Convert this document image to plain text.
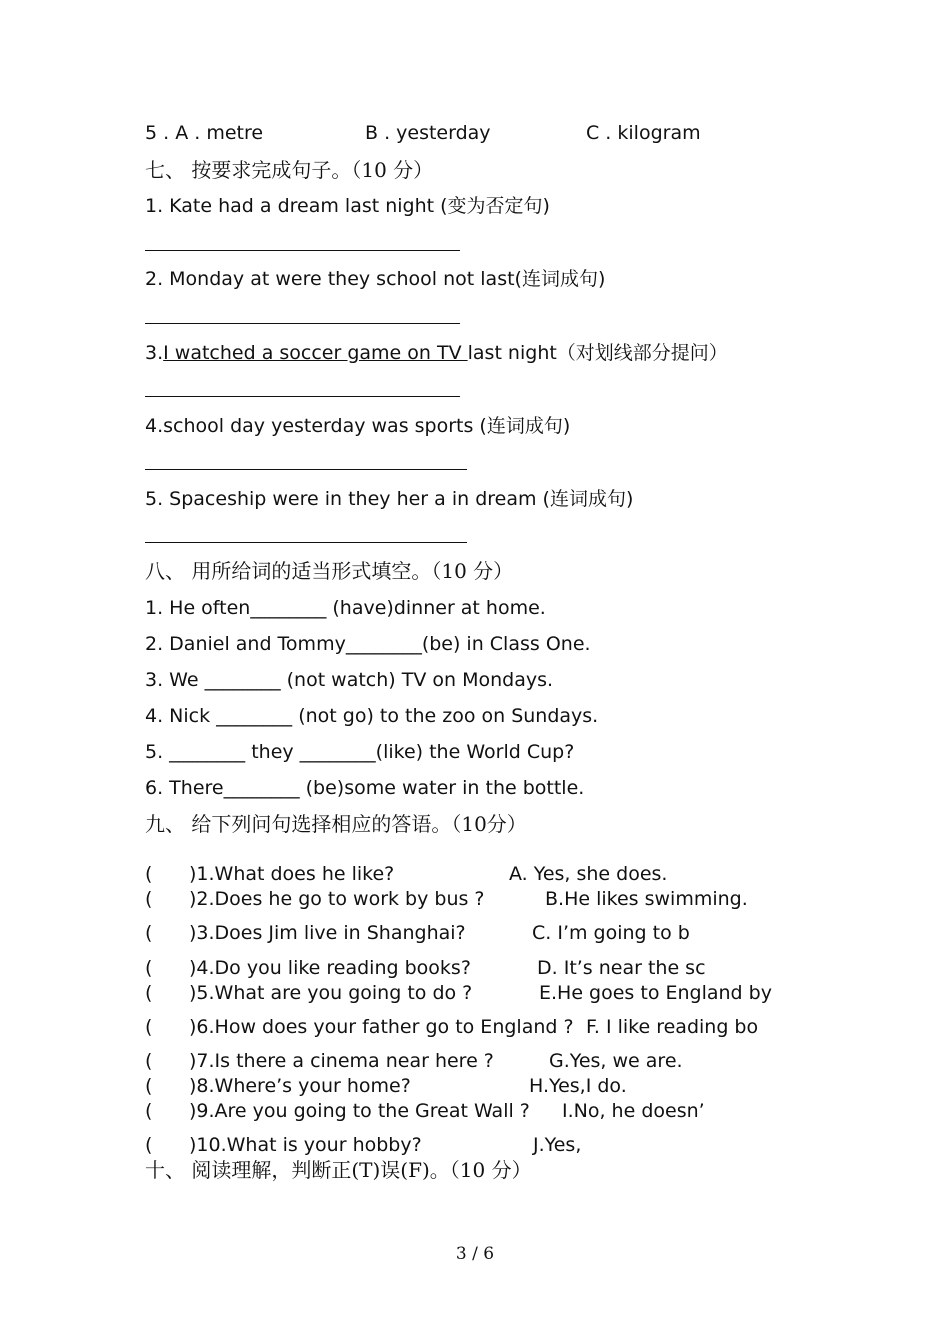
5 . A . metre	B . yesterday	C . kilogram
七、 按要求完成句子。（10 分）
1. Kate had a dream last night (变为否定句)
2. Monday at were they school not last(连词成句)
3.I watched a soccer game on TV last night（对划线部分提问）
4.school day yesterday was sports (连词成句)
5. Spaceship were in they her a in dream (连词成句)
八、 用所给词的适当形式填空。（10 分）
1. He often________ (have)dinner at home.
2. Daniel and Tommy________(be) in Class One.
3. We ________ (not watch) TV on Mondays.
4. Nick ________ (not go) to the zoo on Sundays.
5. ________ they ________(like) the World Cup?
6. There________ (be)some water in the bottle.
九、 给下列问句选择相应的答语。（10分）
( )1.What does he like?	A. Yes, she does.
( )2.Does he go to work by bus ?	B.He likes swimming.
( )3.Does Jim live in Shanghai?	C. I’m going to b
( )4.Do you like reading books?	D. It’s near the sc
( )5.What are you going to do ?	E.He goes to England by
( )6.How does your father go to England ? F. I like reading bo
( )7.Is there a cinema near here ?	G.Yes, we are.
( )8.Where’s your home?	H.Yes,I do.
( )9.Are you going to the Great Wall ? I.No, he doesn’
( )10.What is your hobby?	J.Yes,
十、 阅读理解，判断正(T)误(F)。（10 分）
3 / 6
